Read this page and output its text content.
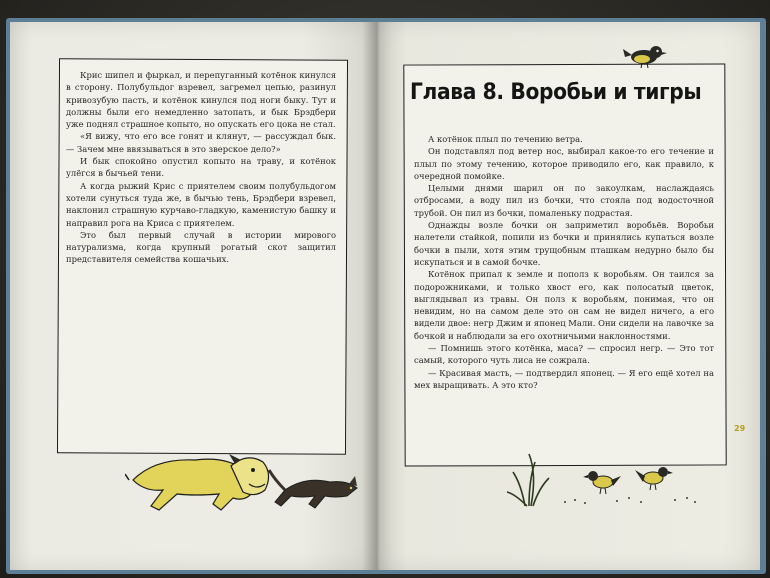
Крис шипел и фыркал, и перепуганный котёнок кинулся в сторону. Полубульдог взревел, загремел цепью, разинул кривозубую пасть, и котёнок кинулся под ноги быку. Тут и должны были его немедленно затопать, и бык Брэдбери уже поднял страшное копыто, но опускать его цока не стал.

«Я вижу, что его все гонят и клянут, — рассуждал бык. — Зачем мне ввязываться в это зверское дело?»

И бык спокойно опустил копыто на траву, и котёнок улёгся в бычьей тени.

А когда рыжий Крис с приятелем своим полубульдогом хотели сунуться туда же, в бычью тень, Брэдбери взревел, наклонил страшную курчаво-гладкую, каменистую башку и направил рога на Криса с приятелем.

Это был первый случай в истории мирового натурализма, когда крупный рогатый скот защитил представителя семейства кошачьих.

Глава 8. Воробьи и тигры

А котёнок плыл по течению ветра.

Он подставлял под ветер нос, выбирал какое-то его течение и плыл по этому течению, которое приводило его, как правило, к очередной помойке.

Целыми днями шарил он по закоулкам, наслаждаясь отбросами, а воду пил из бочки, что стояла под водосточной трубой. Он пил из бочки, помаленьку подрастая.

Однажды возле бочки он заприметил воробьёв. Воробьи налетели стайкой, попили из бочки и принялись купаться возле бочки в пыли, хотя этим трущобным пташкам недурно было бы искупаться и в самой бочке.

Котёнок припал к земле и пополз к воробьям. Он таился за подорожниками, и только хвост его, как полосатый цветок, выглядывал из травы. Он полз к воробьям, понимая, что он невидим, но на самом деле это он сам не видел ничего, а его видели двое: негр Джим и японец Мали. Они сидели на лавочке за бочкой и наблюдали за его охотничьими наклонностями.

— Помнишь этого котёнка, маса? — спросил негр. — Это тот самый, которого чуть лиса не сожрала.

— Красивая масть, — подтвердил японец. — Я его ещё хотел на мех выращивать. А это кто?

29
